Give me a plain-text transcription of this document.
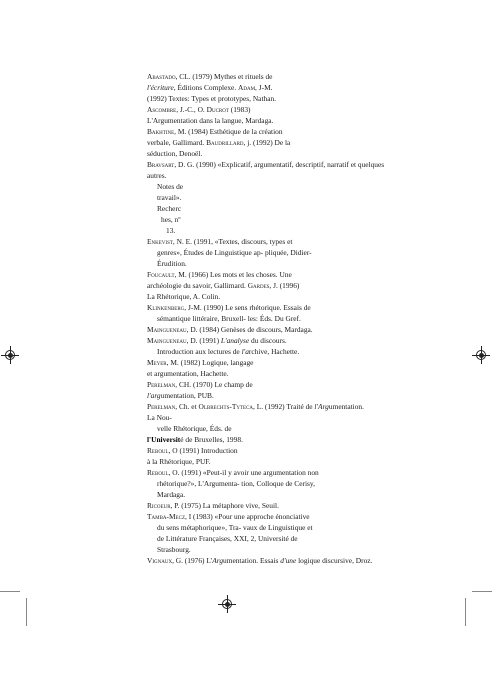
Abastado, CL. (1979) Mythes et rituels de
l'écriture, Éditions Complexe. Adam, J-M.
(1992) Textes: Types et prototypes, Nathan.
Ascombre, J.-C., O. Ducrot (1983)
L'Argumentation dans la langue, Mardaga.
Bakhtine, M. (1984) Esthétique de la création
verbale, Gallimard. Baudrillard, j. (1992) De la
séduction, Denoël.
Bravsart, D. G. (1990) «Explicatif, argumentatif, descriptif, narratif et quelques
autres.
Notes de
travail».
Recherc
hes, nº
13.
Enkevist, N. E. (1991, «Textes, discours, types et
genres», Études de Linguistique ap- pliquée, Didier-
Érudition.
Foucault, M. (1966) Les mots et les choses. Une
archéologie du savoir, Gallimard. Gardes, J. (1996)
La Rhétorique, A. Colin.
Klinkenberg, J-M. (1990) Le sens rhétorique. Essais de
sémantique littéraire, Bruxell- les: Éds. Du Gref.
Maingueneau, D. (1984) Genèses de discours, Mardaga.
Maingueneau, D. (1991) L'analyse du discours.
Introduction aux lectures de l'archive, Hachette.
Meyer, M. (1982) Logique, langage
et argumentation, Hachette.
Perelman, CH. (1970) Le champ de
l'argumentation, PUB.
Perelman, Ch. et Olbrechts-Tyteca, L. (1992) Traité de l'Argumentation.
La Nou-
velle Rhétorique, Éds. de
l'Université de Bruxelles, 1998.
Reboul, O (1991) Introduction
à la Rhétorique, PUF.
Reboul, O. (1991) «Peut-il y avoir une argumentation non
rhétorique?», L'Argumenta- tion, Colloque de Cerisy,
Mardaga.
Ricoeur, P. (1975) La métaphore vive, Seuil.
Tamba-Mecz, I (1983) «Pour une approche énonciative
du sens métaphorique», Tra- vaux de Linguistique et
de Littérature Françaises, XXI, 2, Université de
Strasbourg.
Vignaux, G. (1976) L'Argumentation. Essais d'une logique discursive, Droz.
